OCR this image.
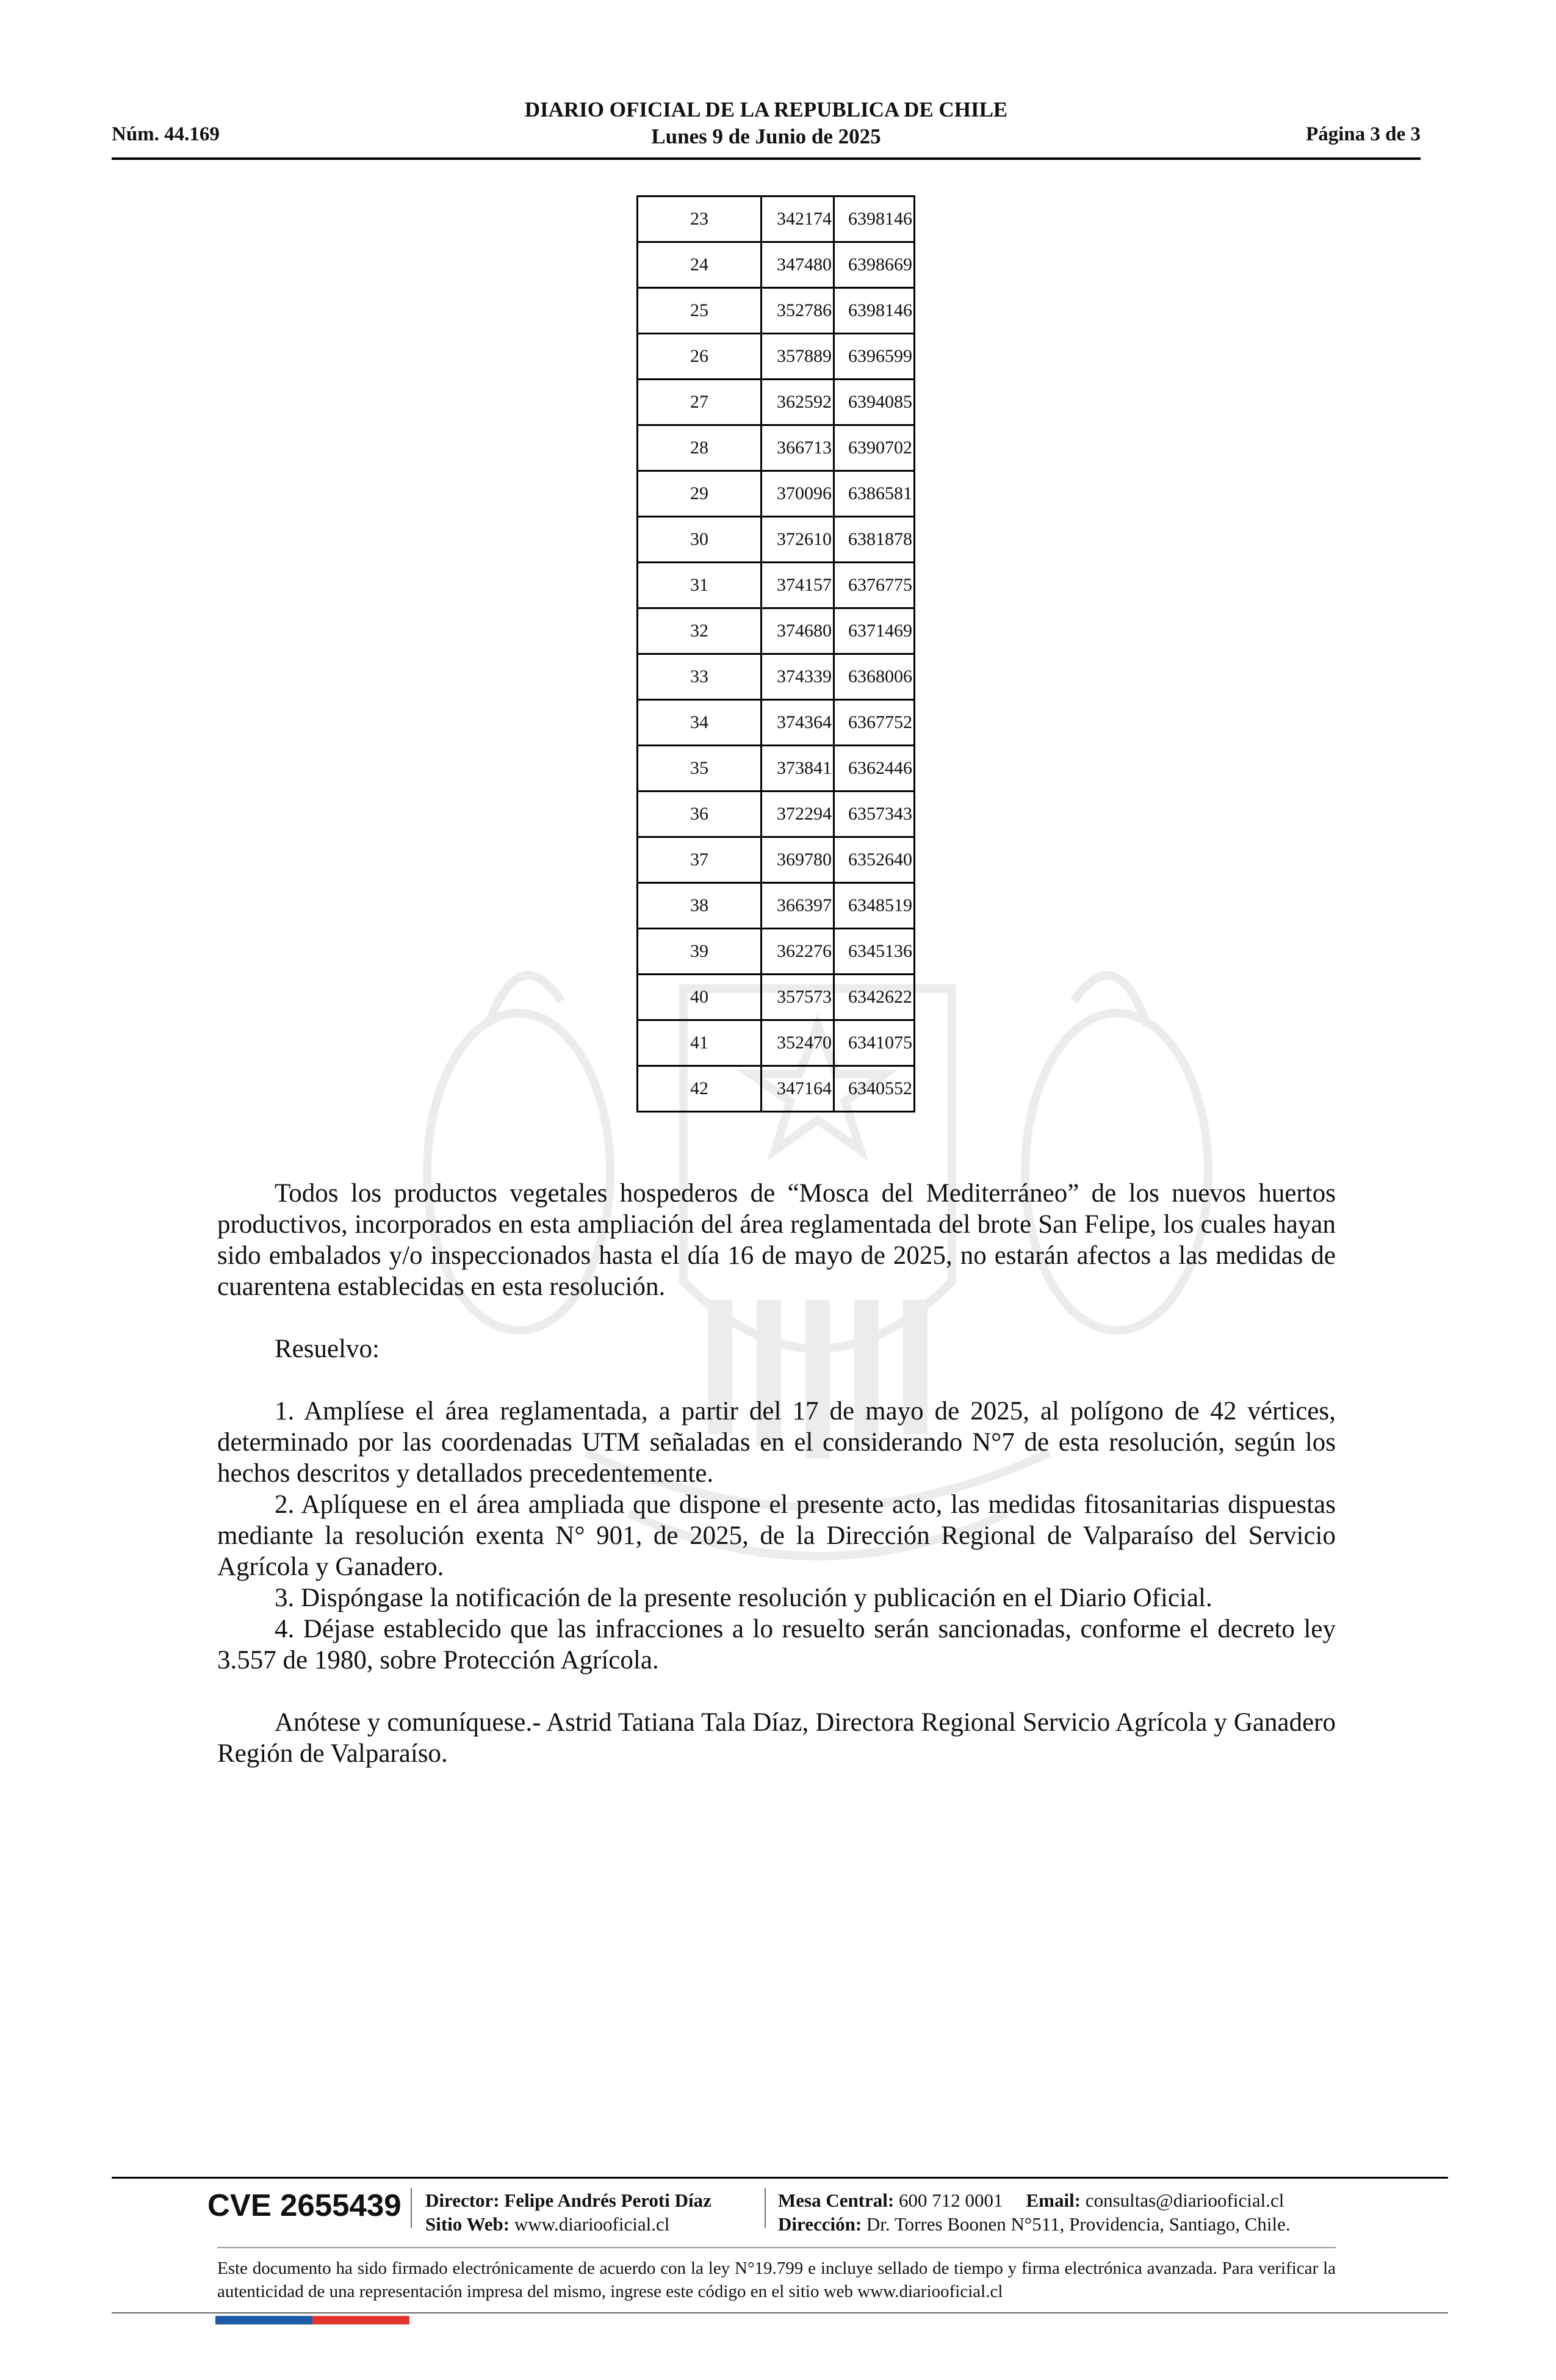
Núm. 44.169
DIARIO OFICIAL DE LA REPUBLICA DE CHILE
Lunes 9 de Junio de 2025	Página 3 de 3
23	342174	6398146
24	347480	6398669
25	352786	6398146
26	357889	6396599
27	362592	6394085
28	366713	6390702
29	370096	6386581
30	372610	6381878
31	374157	6376775
32	374680	6371469
33	374339	6368006
34	374364	6367752
35	373841	6362446
36	372294	6357343
37	369780	6352640
38	366397	6348519
39	362276	6345136
40	357573	6342622
41	352470	6341075
42	347164	6340552

Todos los productos vegetales hospederos de “Mosca del Mediterráneo” de los nuevos huertos productivos, incorporados en esta ampliación del área reglamentada del brote San Felipe, los cuales hayan sido embalados y/o inspeccionados hasta el día 16 de mayo de 2025, no estarán afectos a las medidas de cuarentena establecidas en esta resolución.

Resuelvo:

1. Amplíese el área reglamentada, a partir del 17 de mayo de 2025, al polígono de 42 vértices, determinado por las coordenadas UTM señaladas en el considerando N°7 de esta resolución, según los hechos descritos y detallados precedentemente.

2. Aplíquese en el área ampliada que dispone el presente acto, las medidas fitosanitarias dispuestas mediante la resolución exenta N° 901, de 2025, de la Dirección Regional de Valparaíso del Servicio Agrícola y Ganadero.

3. Dispóngase la notificación de la presente resolución y publicación en el Diario Oficial.

4. Déjase establecido que las infracciones a lo resuelto serán sancionadas, conforme el decreto ley 3.557 de 1980, sobre Protección Agrícola.

Anótese y comuníquese.- Astrid Tatiana Tala Díaz, Directora Regional Servicio Agrícola y Ganadero Región de Valparaíso.

CVE 2655439 Director: Felipe Andrés Peroti Díaz
Sitio Web: www.diariooficial.cl
Mesa Central: 600 712 0001 Email: consultas@diariooficial.cl
Dirección: Dr. Torres Boonen N°511, Providencia, Santiago, Chile.
Este documento ha sido firmado electrónicamente de acuerdo con la ley N°19.799 e incluye sellado de tiempo y firma electrónica avanzada. Para verificar la autenticidad de una representación impresa del mismo, ingrese este código en el sitio web www.diariooficial.cl
